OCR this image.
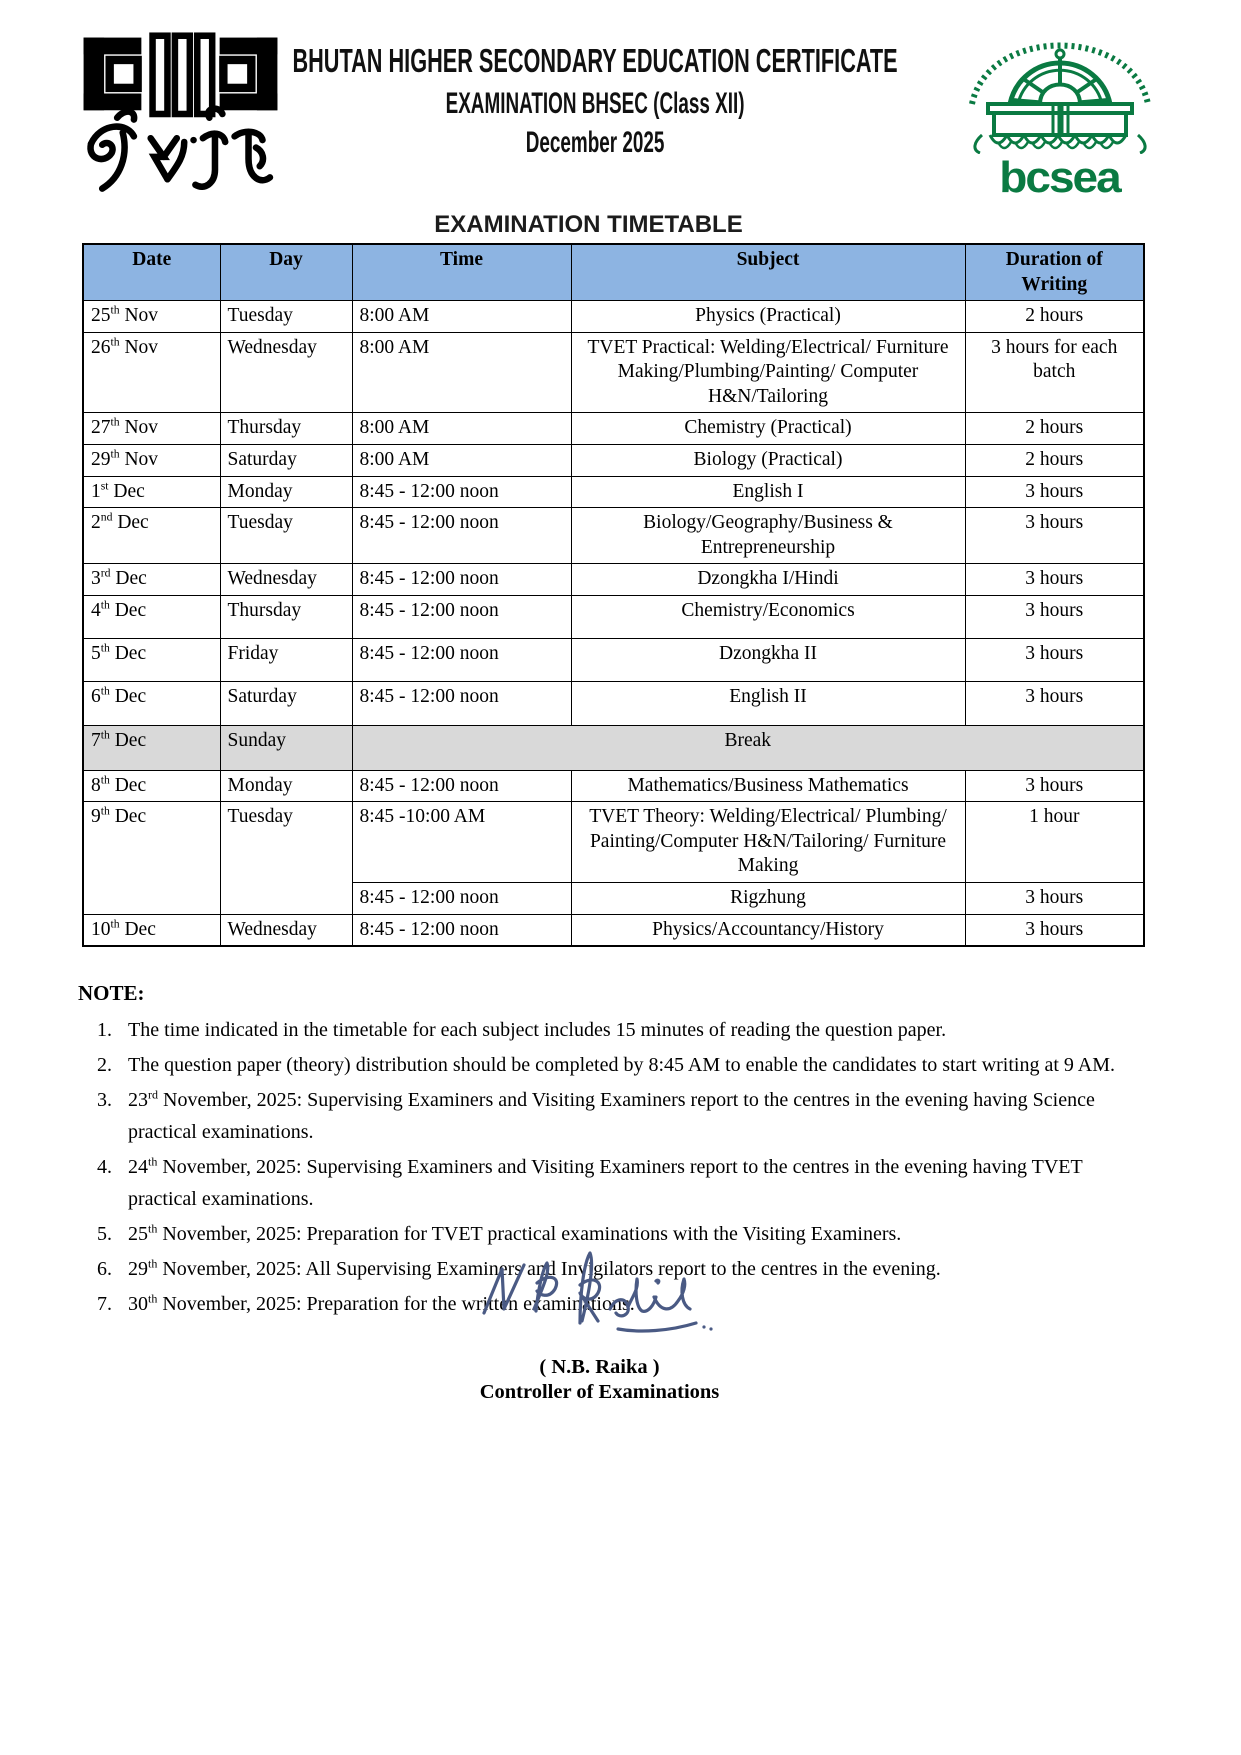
BHUTAN HIGHER SECONDARY EDUCATION CERTIFICATE
EXAMINATION BHSEC (Class XII)
December 2025
bcsea
EXAMINATION TIMETABLE
Date	Day	Time	Subject	Duration of Writing
25th Nov	Tuesday	8:00 AM	Physics (Practical)	2 hours
26th Nov	Wednesday	8:00 AM	TVET Practical: Welding/Electrical/ Furniture Making/Plumbing/Painting/ Computer H&N/Tailoring	3 hours for each batch
27th Nov	Thursday	8:00 AM	Chemistry (Practical)	2 hours
29th Nov	Saturday	8:00 AM	Biology (Practical)	2 hours
1st Dec	Monday	8:45 - 12:00 noon	English I	3 hours
2nd Dec	Tuesday	8:45 - 12:00 noon	Biology/Geography/Business & Entrepreneurship	3 hours
3rd Dec	Wednesday	8:45 - 12:00 noon	Dzongkha I/Hindi	3 hours
4th Dec	Thursday	8:45 - 12:00 noon	Chemistry/Economics	3 hours
5th Dec	Friday	8:45 - 12:00 noon	Dzongkha II	3 hours
6th Dec	Saturday	8:45 - 12:00 noon	English II	3 hours
7th Dec	Sunday	Break		
8th Dec	Monday	8:45 - 12:00 noon	Mathematics/Business Mathematics	3 hours
9th Dec	Tuesday	8:45 -10:00 AM	TVET Theory: Welding/Electrical/ Plumbing/ Painting/Computer H&N/Tailoring/ Furniture Making	1 hour
		8:45 - 12:00 noon	Rigzhung	3 hours
10th Dec	Wednesday	8:45 - 12:00 noon	Physics/Accountancy/History	3 hours
NOTE:
1. The time indicated in the timetable for each subject includes 15 minutes of reading the question paper.
2. The question paper (theory) distribution should be completed by 8:45 AM to enable the candidates to start writing at 9 AM.
3. 23rd November, 2025: Supervising Examiners and Visiting Examiners report to the centres in the evening having Science practical examinations.
4. 24th November, 2025: Supervising Examiners and Visiting Examiners report to the centres in the evening having TVET practical examinations.
5. 25th November, 2025: Preparation for TVET practical examinations with the Visiting Examiners.
6. 29th November, 2025: All Supervising Examiners and Invigilators report to the centres in the evening.
7. 30th November, 2025: Preparation for the written examinations.
( N.B. Raika )
Controller of Examinations
